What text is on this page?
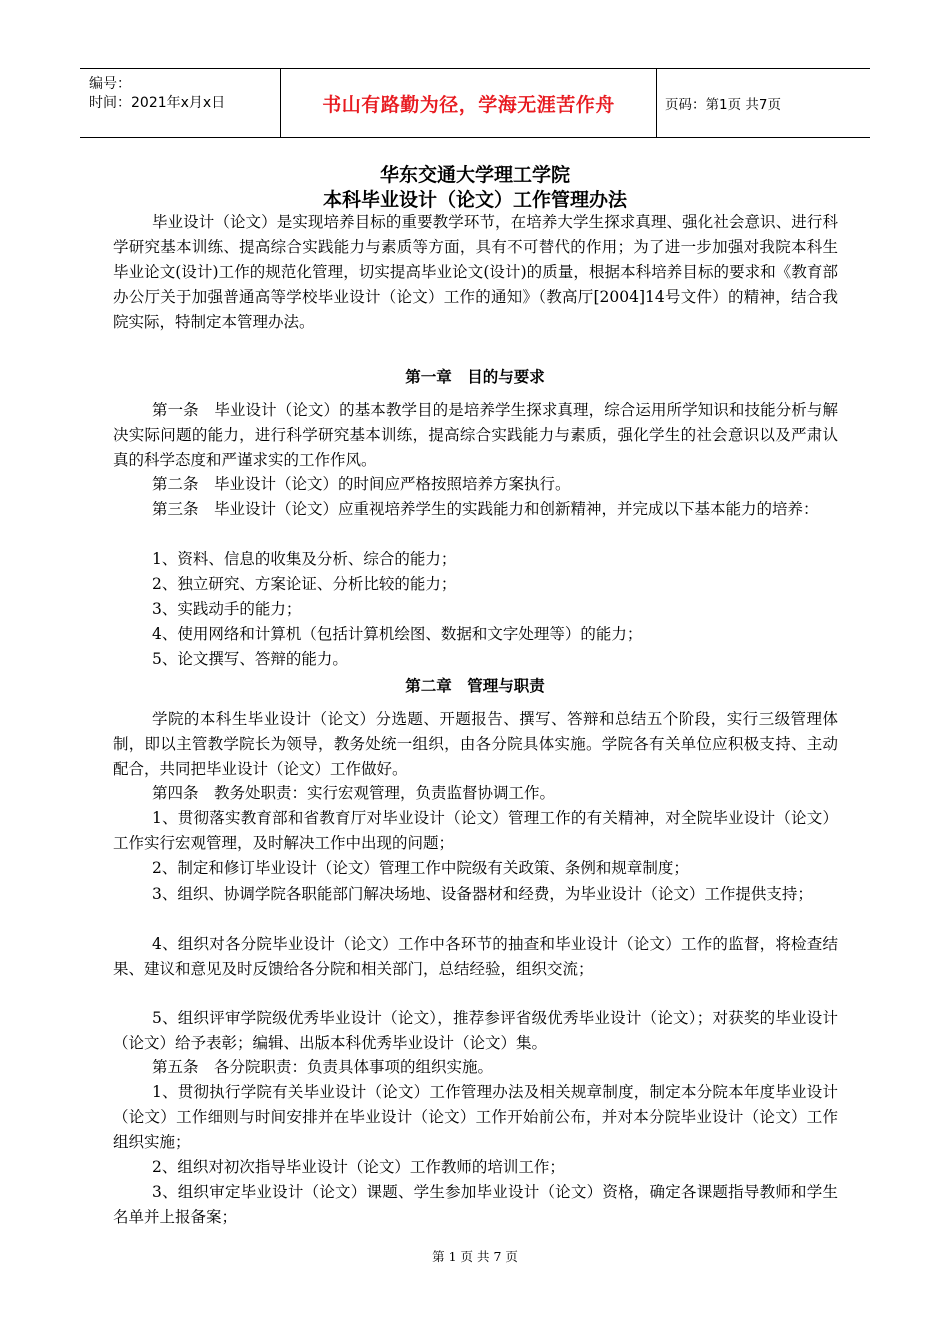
编号：
时间：2021年x月x日	书山有路勤为径，学海无涯苦作舟	页码：第1页 共7页
华东交通大学理工学院
本科毕业设计（论文）工作管理办法

毕业设计（论文）是实现培养目标的重要教学环节，在培养大学生探求真理、强化社会意识、进行科学研究基本训练、提高综合实践能力与素质等方面，具有不可替代的作用；为了进一步加强对我院本科生毕业论文(设计)工作的规范化管理，切实提高毕业论文(设计)的质量，根据本科培养目标的要求和《教育部办公厅关于加强普通高等学校毕业设计（论文）工作的通知》（教高厅[2004]14号文件）的精神，结合我院实际，特制定本管理办法。

第一章　目的与要求

第一条　毕业设计（论文）的基本教学目的是培养学生探求真理，综合运用所学知识和技能分析与解决实际问题的能力，进行科学研究基本训练，提高综合实践能力与素质，强化学生的社会意识以及严肃认真的科学态度和严谨求实的工作作风。

第二条　毕业设计（论文）的时间应严格按照培养方案执行。

第三条　毕业设计（论文）应重视培养学生的实践能力和创新精神，并完成以下基本能力的培养：

1、资料、信息的收集及分析、综合的能力；

2、独立研究、方案论证、分析比较的能力；

3、实践动手的能力；

4、使用网络和计算机（包括计算机绘图、数据和文字处理等）的能力；

5、论文撰写、答辩的能力。

第二章　管理与职责

学院的本科生毕业设计（论文）分选题、开题报告、撰写、答辩和总结五个阶段，实行三级管理体制，即以主管教学院长为领导，教务处统一组织，由各分院具体实施。学院各有关单位应积极支持、主动配合，共同把毕业设计（论文）工作做好。

第四条　教务处职责：实行宏观管理，负责监督协调工作。

1、贯彻落实教育部和省教育厅对毕业设计（论文）管理工作的有关精神，对全院毕业设计（论文）工作实行宏观管理，及时解决工作中出现的问题；

2、制定和修订毕业设计（论文）管理工作中院级有关政策、条例和规章制度；

3、组织、协调学院各职能部门解决场地、设备器材和经费，为毕业设计（论文）工作提供支持；

4、组织对各分院毕业设计（论文）工作中各环节的抽查和毕业设计（论文）工作的监督，将检查结果、建议和意见及时反馈给各分院和相关部门，总结经验，组织交流；

5、组织评审学院级优秀毕业设计（论文），推荐参评省级优秀毕业设计（论文）；对获奖的毕业设计（论文）给予表彰；编辑、出版本科优秀毕业设计（论文）集。

第五条　各分院职责：负责具体事项的组织实施。

1、贯彻执行学院有关毕业设计（论文）工作管理办法及相关规章制度，制定本分院本年度毕业设计（论文）工作细则与时间安排并在毕业设计（论文）工作开始前公布，并对本分院毕业设计（论文）工作组织实施；

2、组织对初次指导毕业设计（论文）工作教师的培训工作；

3、组织审定毕业设计（论文）课题、学生参加毕业设计（论文）资格，确定各课题指导教师和学生名单并上报备案；

第 1 页 共 7 页
